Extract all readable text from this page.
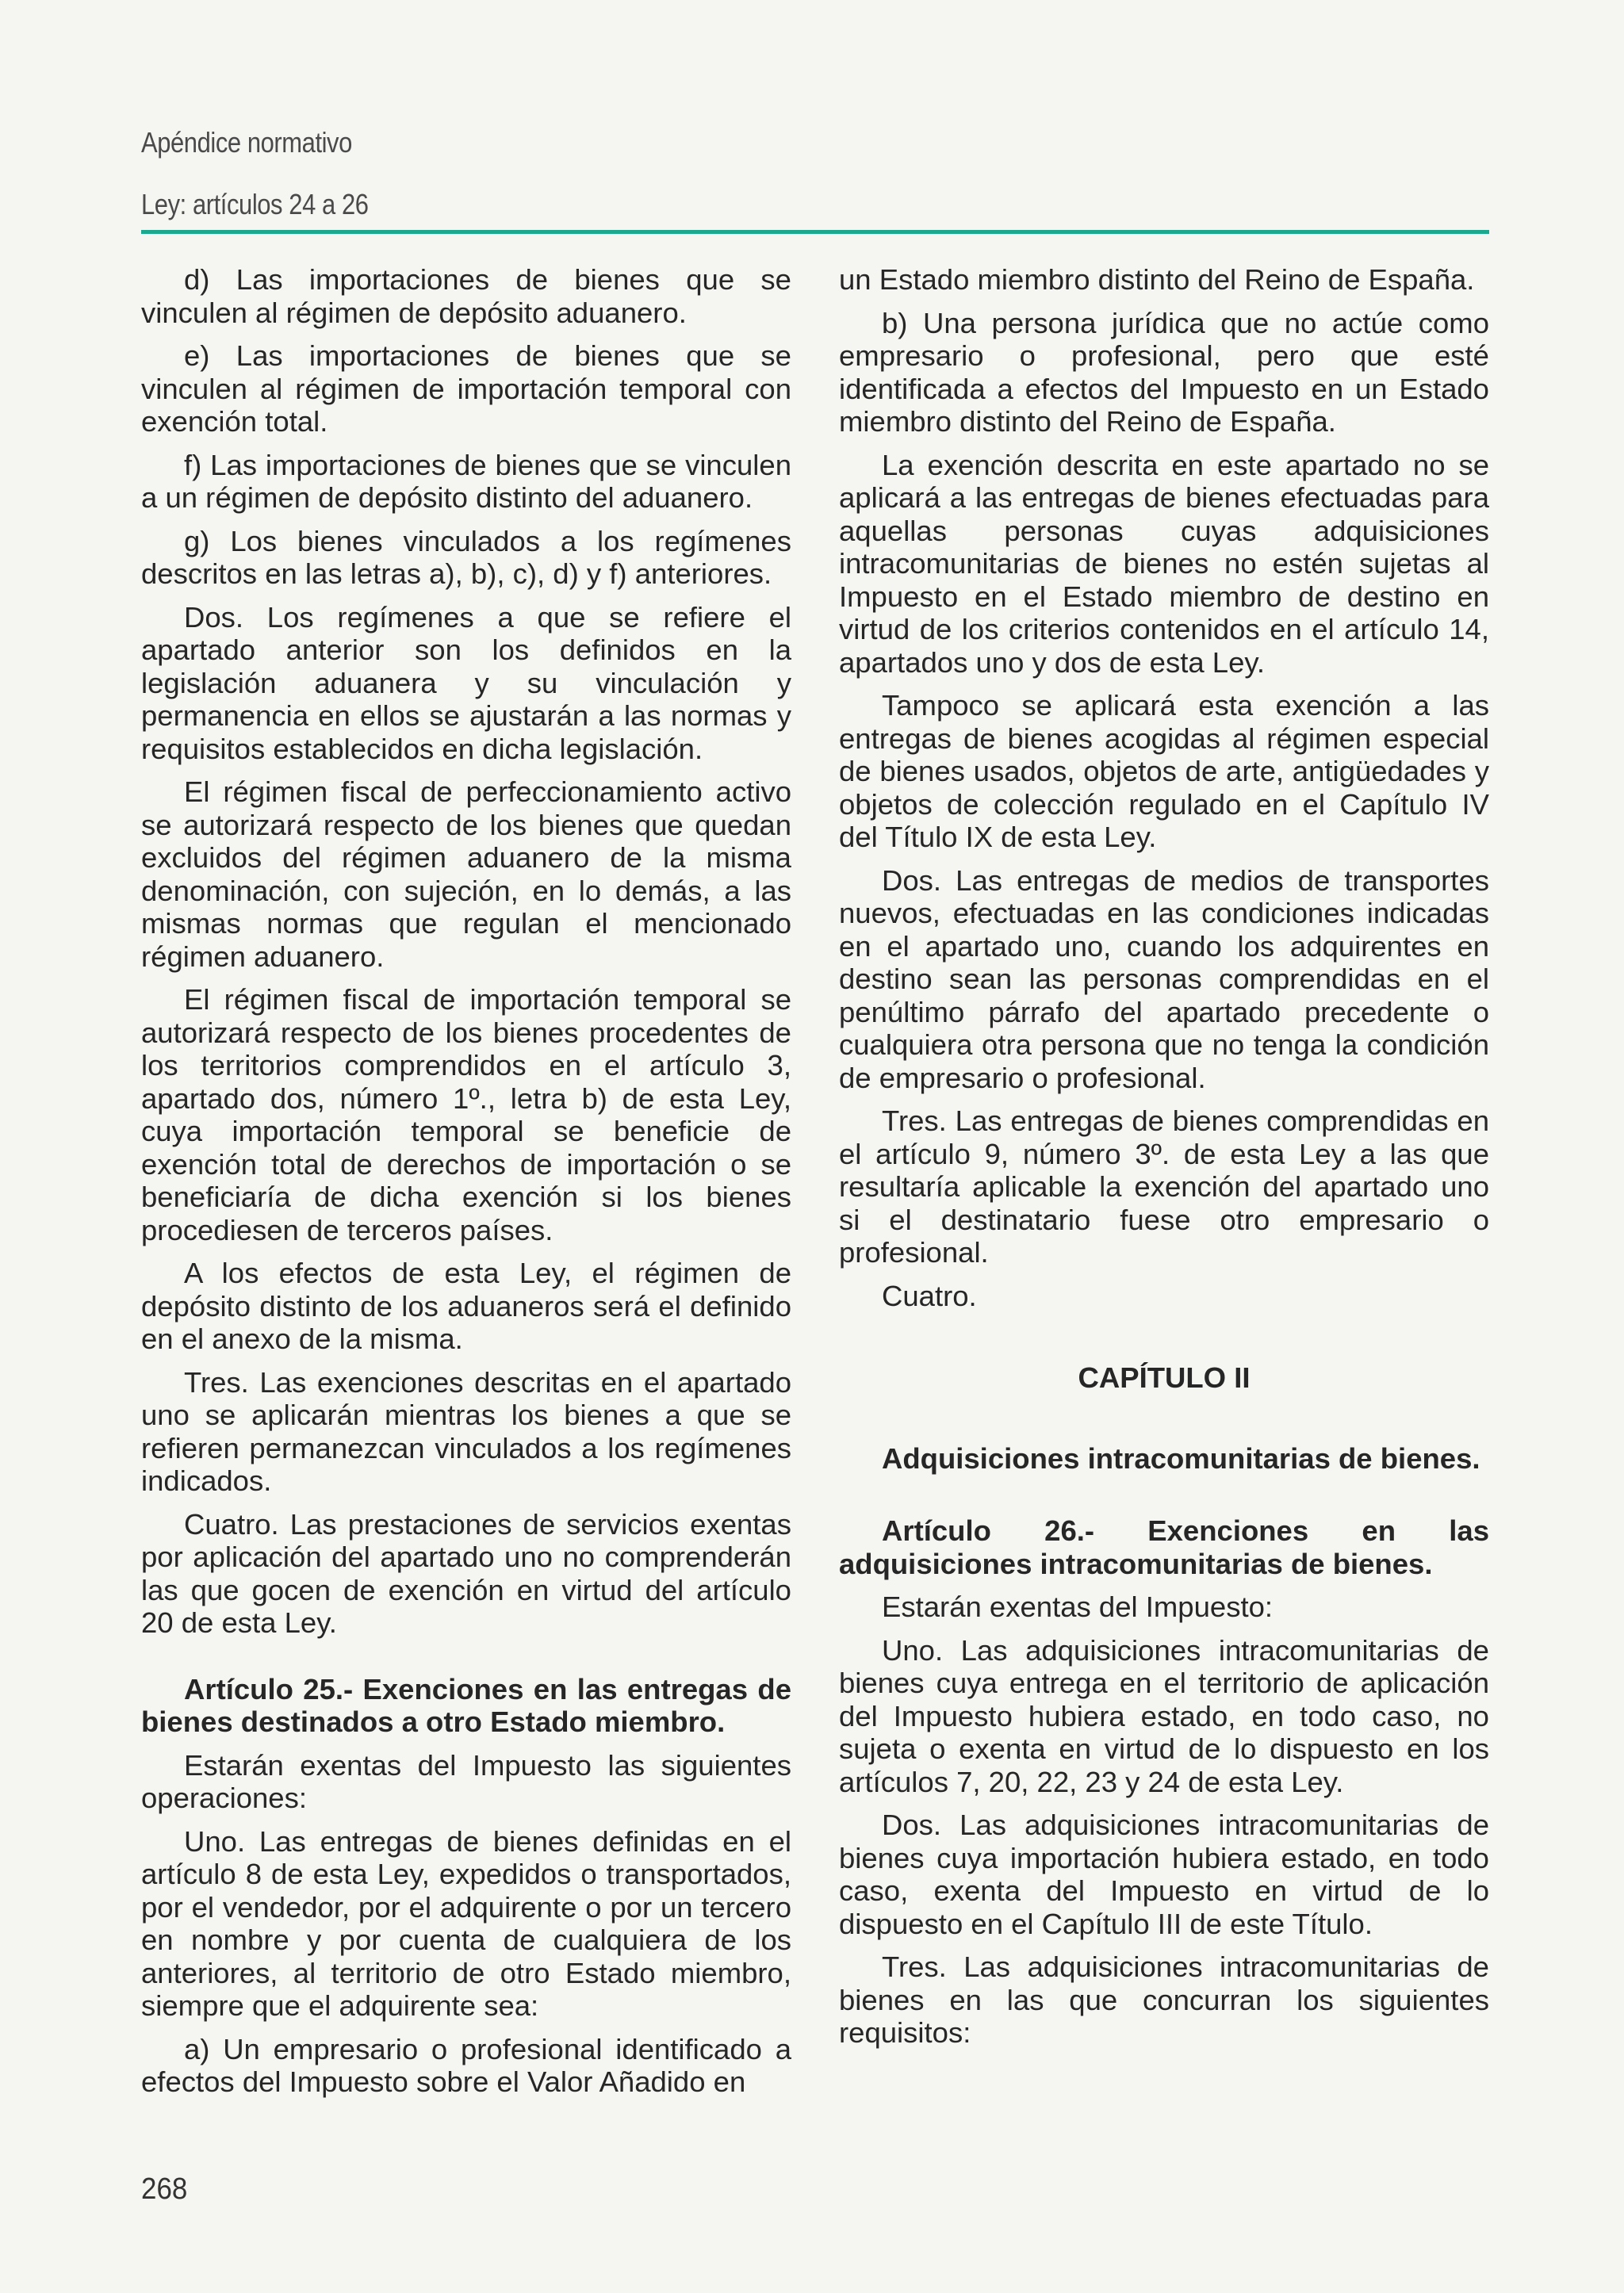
Apéndice normativo
Ley: artículos 24 a 26

d) Las importaciones de bienes que se vinculen al régimen de depósito aduanero.

e) Las importaciones de bienes que se vinculen al régimen de importación temporal con exención total.

f) Las importaciones de bienes que se vinculen a un régimen de depósito distinto del aduanero.

g) Los bienes vinculados a los regímenes descritos en las letras a), b), c), d) y f) anteriores.

Dos. Los regímenes a que se refiere el apartado anterior son los definidos en la legislación aduanera y su vinculación y permanencia en ellos se ajustarán a las normas y requisitos establecidos en dicha legislación.

El régimen fiscal de perfeccionamiento activo se autorizará respecto de los bienes que quedan excluidos del régimen aduanero de la misma denominación, con sujeción, en lo demás, a las mismas normas que regulan el mencionado régimen aduanero.

El régimen fiscal de importación temporal se autorizará respecto de los bienes procedentes de los territorios comprendidos en el artículo 3, apartado dos, número 1º., letra b) de esta Ley, cuya importación temporal se beneficie de exención total de derechos de importación o se beneficiaría de dicha exención si los bienes procediesen de terceros países.

A los efectos de esta Ley, el régimen de depósito distinto de los aduaneros será el definido en el anexo de la misma.

Tres. Las exenciones descritas en el apartado uno se aplicarán mientras los bienes a que se refieren permanezcan vinculados a los regímenes indicados.

Cuatro. Las prestaciones de servicios exentas por aplicación del apartado uno no comprenderán las que gocen de exención en virtud del artículo 20 de esta Ley.

Artículo 25.- Exenciones en las entregas de bienes destinados a otro Estado miembro.

Estarán exentas del Impuesto las siguientes operaciones:

Uno. Las entregas de bienes definidas en el artículo 8 de esta Ley, expedidos o transportados, por el vendedor, por el adquirente o por un tercero en nombre y por cuenta de cualquiera de los anteriores, al territorio de otro Estado miembro, siempre que el adquirente sea:

a) Un empresario o profesional identificado a efectos del Impuesto sobre el Valor Añadido en

un Estado miembro distinto del Reino de España.

b) Una persona jurídica que no actúe como empresario o profesional, pero que esté identificada a efectos del Impuesto en un Estado miembro distinto del Reino de España.

La exención descrita en este apartado no se aplicará a las entregas de bienes efectuadas para aquellas personas cuyas adquisiciones intracomunitarias de bienes no estén sujetas al Impuesto en el Estado miembro de destino en virtud de los criterios contenidos en el artículo 14, apartados uno y dos de esta Ley.

Tampoco se aplicará esta exención a las entregas de bienes acogidas al régimen especial de bienes usados, objetos de arte, antigüedades y objetos de colección regulado en el Capítulo IV del Título IX de esta Ley.

Dos. Las entregas de medios de transportes nuevos, efectuadas en las condiciones indicadas en el apartado uno, cuando los adquirentes en destino sean las personas comprendidas en el penúltimo párrafo del apartado precedente o cualquiera otra persona que no tenga la condición de empresario o profesional.

Tres. Las entregas de bienes comprendidas en el artículo 9, número 3º. de esta Ley a las que resultaría aplicable la exención del apartado uno si el destinatario fuese otro empresario o profesional.

Cuatro.

CAPÍTULO II

Adquisiciones intracomunitarias de bienes.

Artículo 26.- Exenciones en las adquisiciones intracomunitarias de bienes.

Estarán exentas del Impuesto:

Uno. Las adquisiciones intracomunitarias de bienes cuya entrega en el territorio de aplicación del Impuesto hubiera estado, en todo caso, no sujeta o exenta en virtud de lo dispuesto en los artículos 7, 20, 22, 23 y 24 de esta Ley.

Dos. Las adquisiciones intracomunitarias de bienes cuya importación hubiera estado, en todo caso, exenta del Impuesto en virtud de lo dispuesto en el Capítulo III de este Título.

Tres. Las adquisiciones intracomunitarias de bienes en las que concurran los siguientes requisitos:

268
